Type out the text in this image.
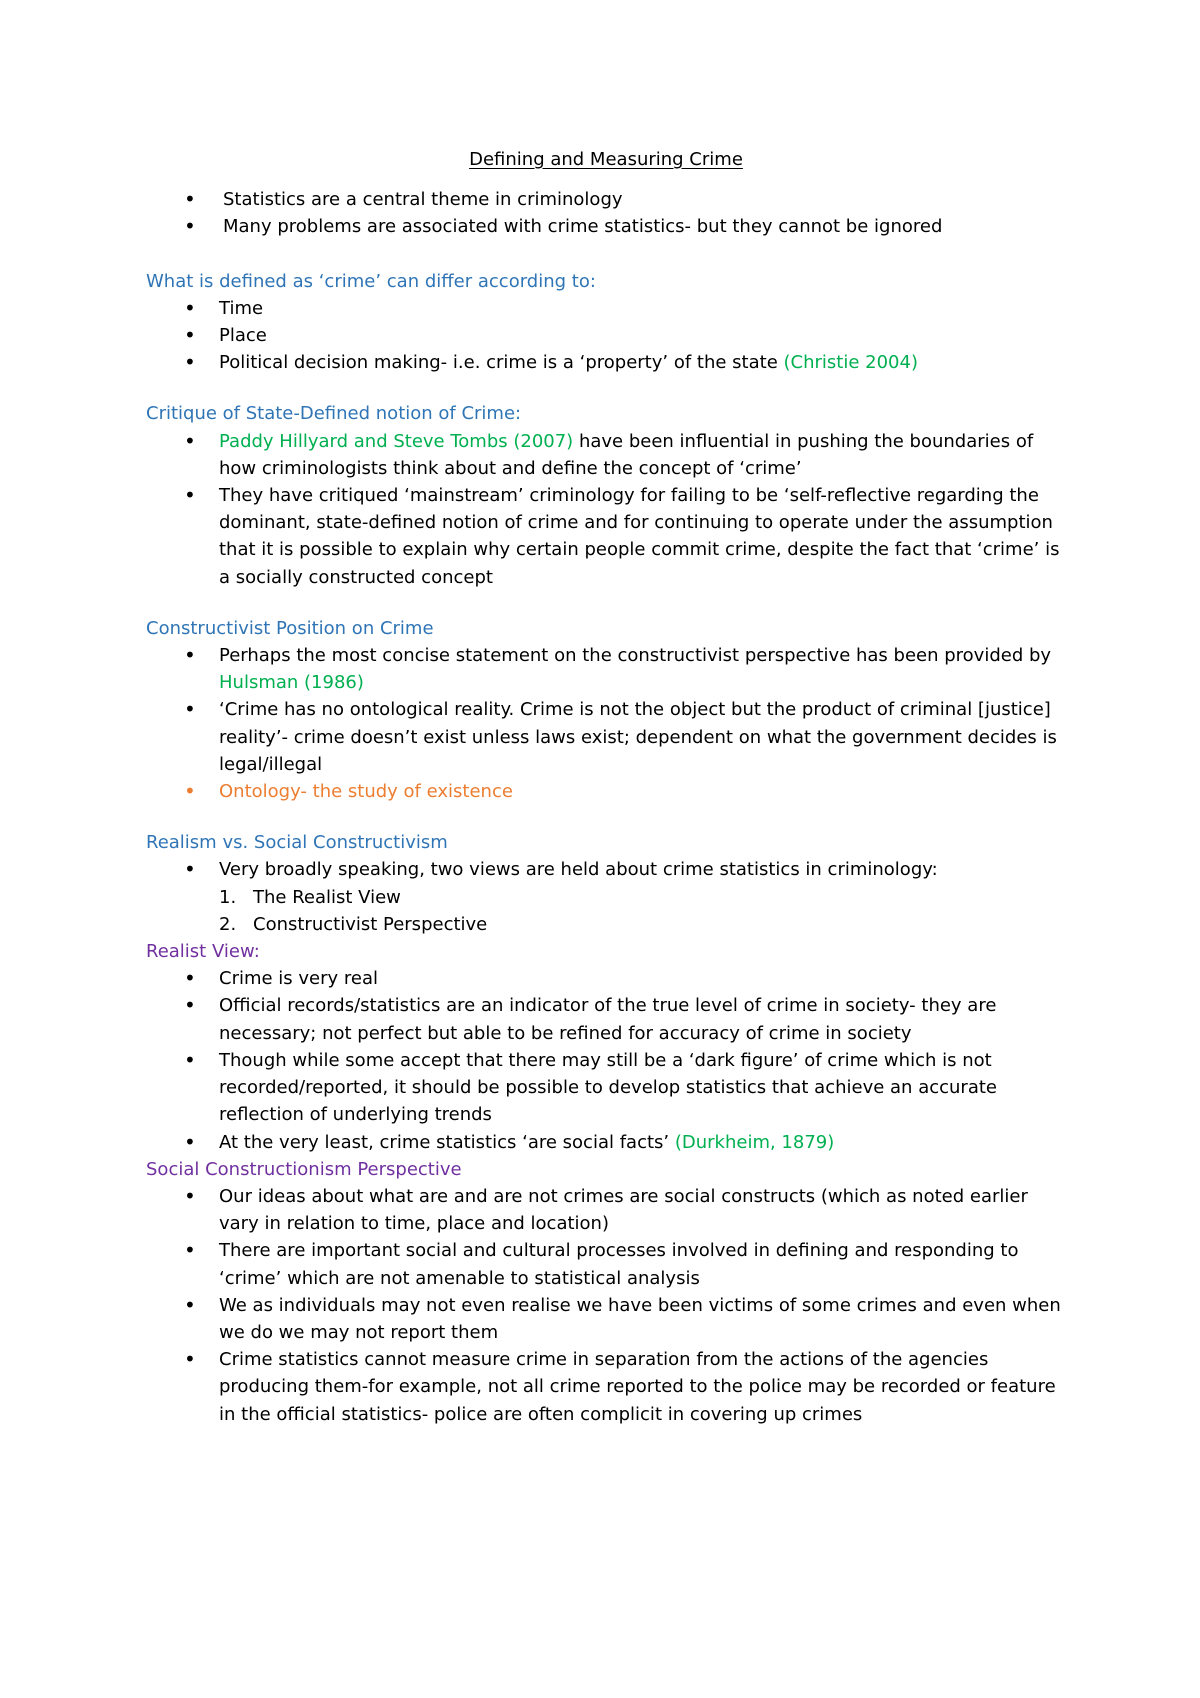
Defining and Measuring Crime
• Statistics are a central theme in criminology
• Many problems are associated with crime statistics- but they cannot be ignored
What is defined as ‘crime’ can differ according to:
• Time
• Place
• Political decision making- i.e. crime is a ‘property’ of the state (Christie 2004)
Critique of State-Defined notion of Crime:
• Paddy Hillyard and Steve Tombs (2007) have been influential in pushing the boundaries of how criminologists think about and define the concept of ‘crime’
• They have critiqued ‘mainstream’ criminology for failing to be ‘self-reflective regarding the dominant, state-defined notion of crime and for continuing to operate under the assumption that it is possible to explain why certain people commit crime, despite the fact that ‘crime’ is a socially constructed concept
Constructivist Position on Crime
• Perhaps the most concise statement on the constructivist perspective has been provided by Hulsman (1986)
• ‘Crime has no ontological reality. Crime is not the object but the product of criminal [justice] reality’- crime doesn’t exist unless laws exist; dependent on what the government decides is legal/illegal
• Ontology- the study of existence
Realism vs. Social Constructivism
• Very broadly speaking, two views are held about crime statistics in criminology:
1. The Realist View
2. Constructivist Perspective
Realist View:
• Crime is very real
• Official records/statistics are an indicator of the true level of crime in society- they are necessary; not perfect but able to be refined for accuracy of crime in society
• Though while some accept that there may still be a ‘dark figure’ of crime which is not recorded/reported, it should be possible to develop statistics that achieve an accurate reflection of underlying trends
• At the very least, crime statistics ‘are social facts’ (Durkheim, 1879)
Social Constructionism Perspective
• Our ideas about what are and are not crimes are social constructs (which as noted earlier vary in relation to time, place and location)
• There are important social and cultural processes involved in defining and responding to ‘crime’ which are not amenable to statistical analysis
• We as individuals may not even realise we have been victims of some crimes and even when we do we may not report them
• Crime statistics cannot measure crime in separation from the actions of the agencies producing them-for example, not all crime reported to the police may be recorded or feature in the official statistics- police are often complicit in covering up crimes
